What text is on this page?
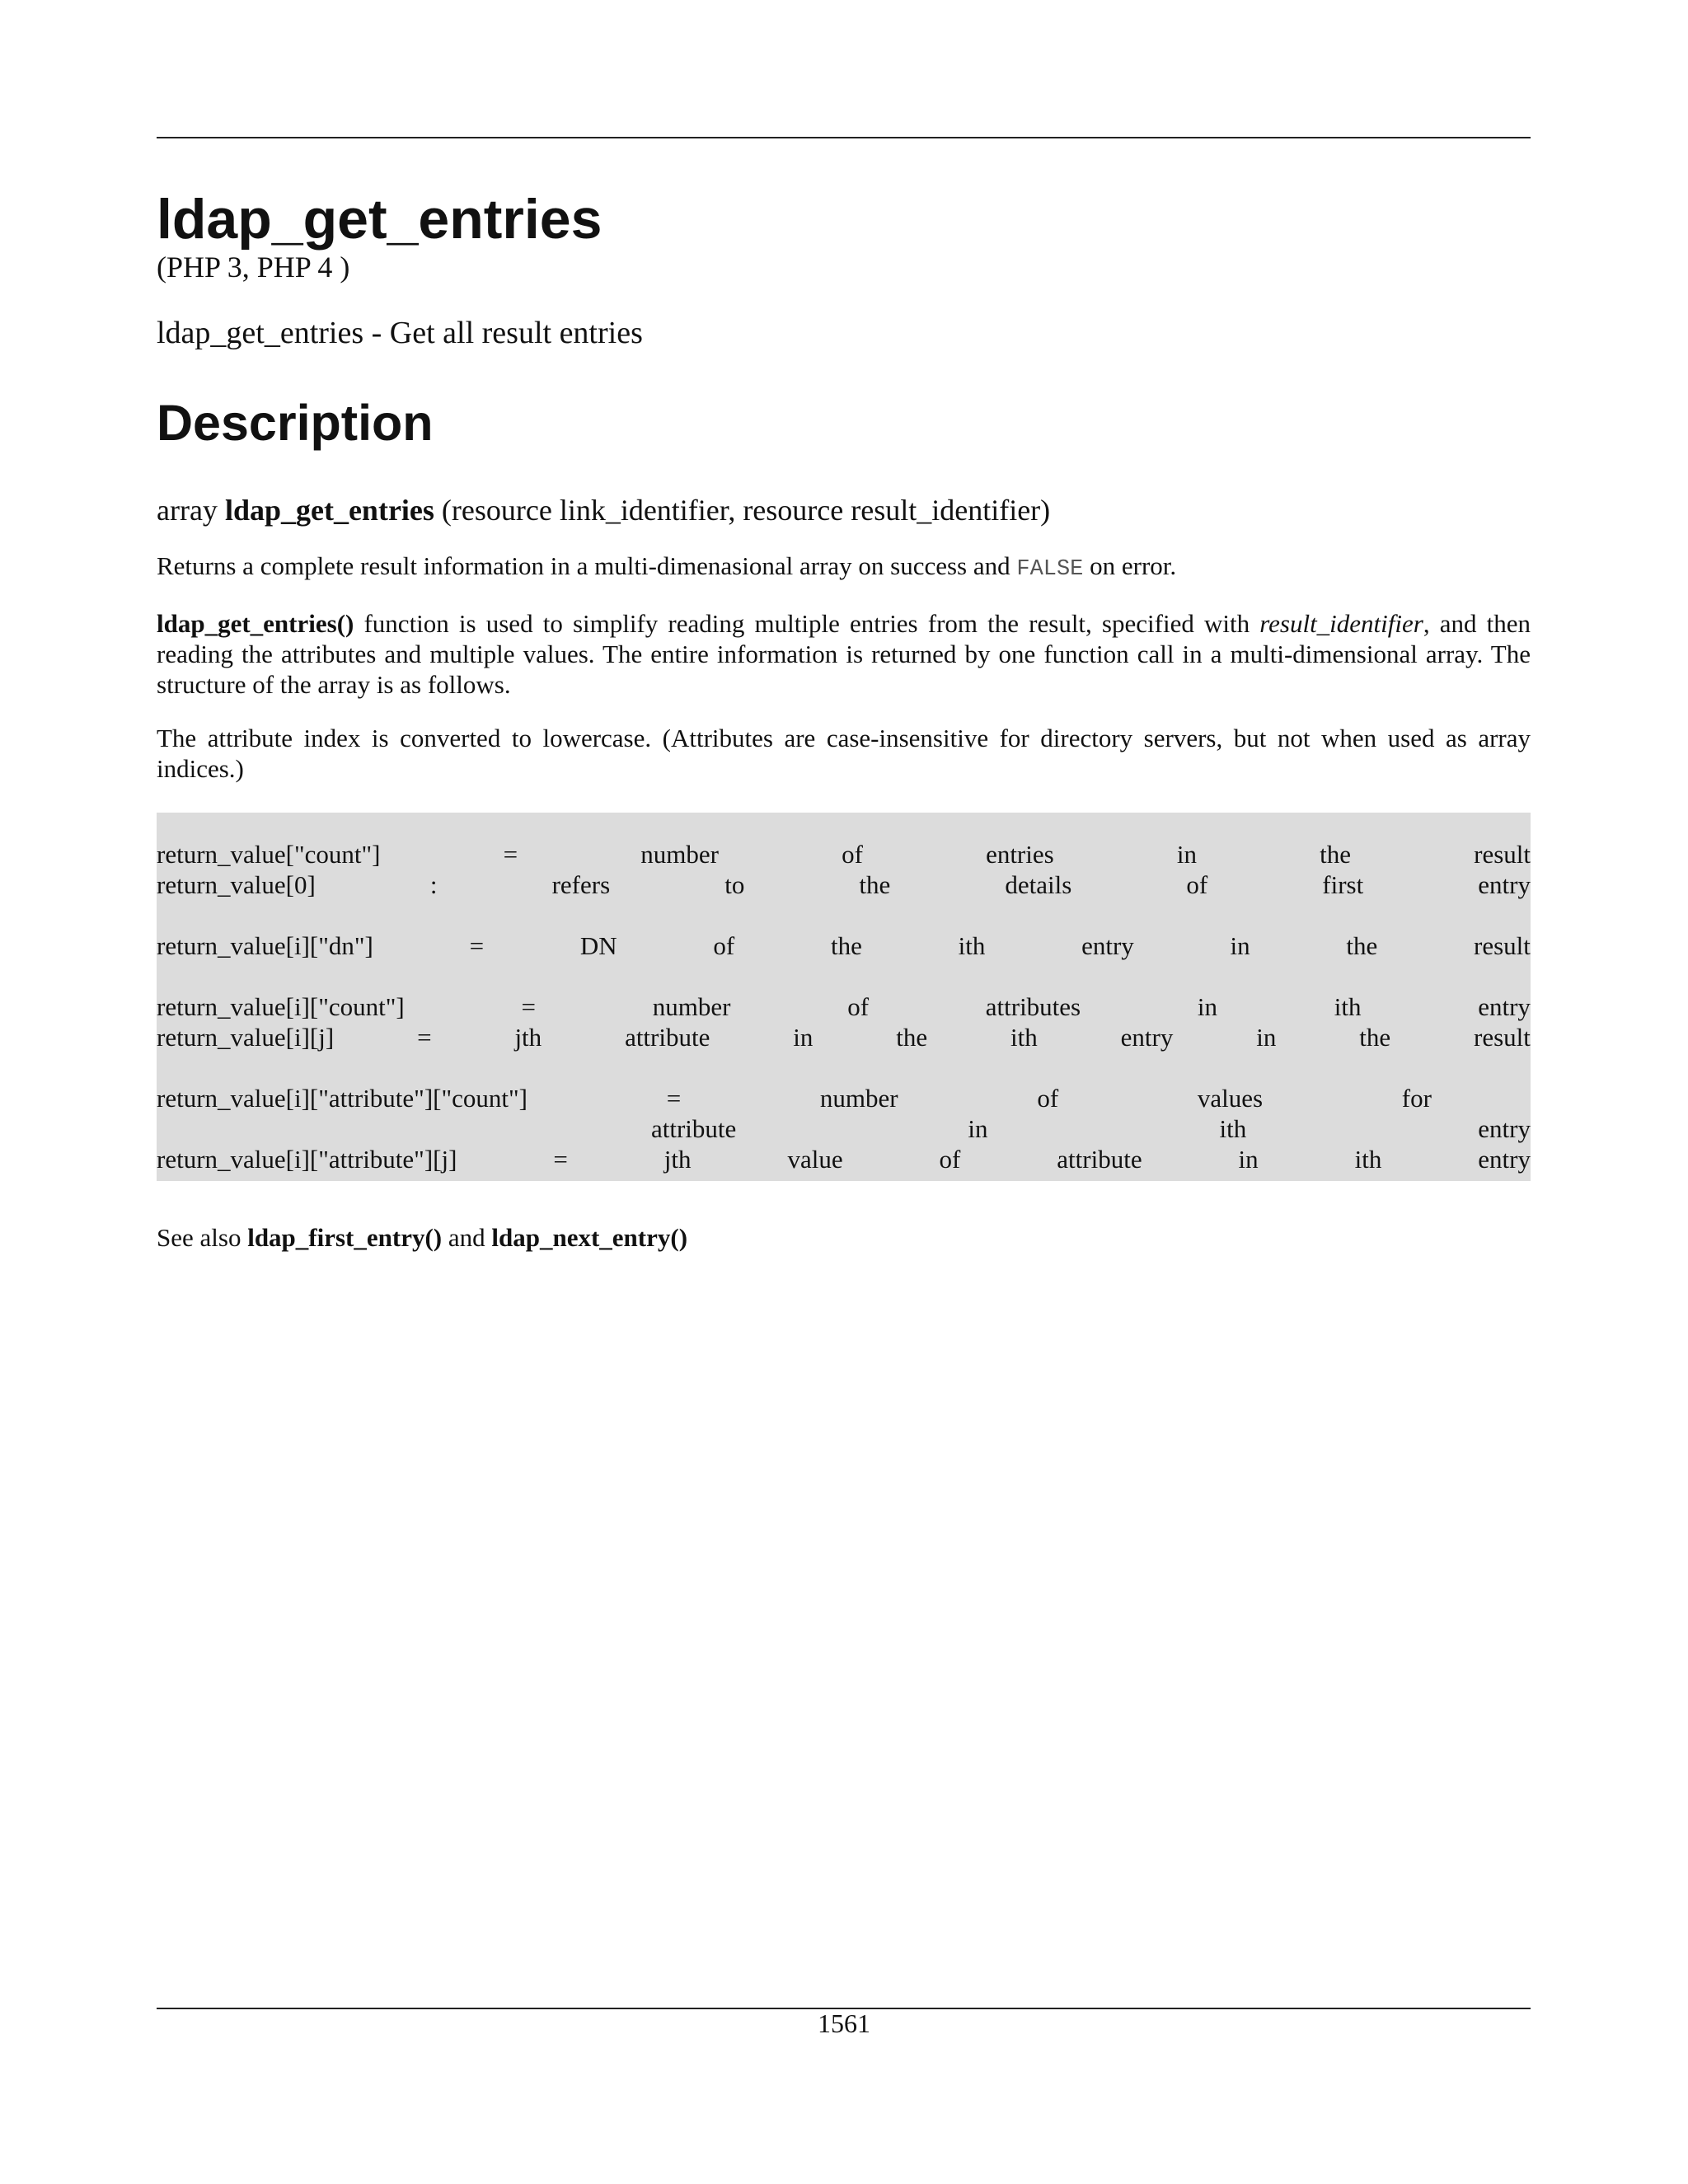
ldap_get_entries

(PHP 3, PHP 4 )

ldap_get_entries - Get all result entries

Description

array ldap_get_entries (resource link_identifier, resource result_identifier)

Returns a complete result information in a multi-dimenasional array on success and FALSE on error.

ldap_get_entries() function is used to simplify reading multiple entries from the result, specified with result_identifier, and then reading the attributes and multiple values. The entire information is returned by one function call in a multi-dimensional array. The structure of the array is as follows.

The attribute index is converted to lowercase. (Attributes are case-insensitive for directory servers, but not when used as array indices.)

return_value["count"]	=	number	of	entries	in	the	result
return_value[0]	:	refers	to	the	details	of	first	entry
return_value[i]["dn"]	=	DN	of	the	ith	entry	in	the	result
return_value[i]["count"]	=	number	of	attributes	in	ith	entry
return_value[i][j]	=	jth	attribute	in	the	ith	entry	in	the	result
return_value[i]["attribute"]["count"]	=	number	of	values	for
attribute	in	ith	entry
return_value[i]["attribute"][j]	=	jth	value	of	attribute	in	ith	entry

See also ldap_first_entry() and ldap_next_entry()

1561
